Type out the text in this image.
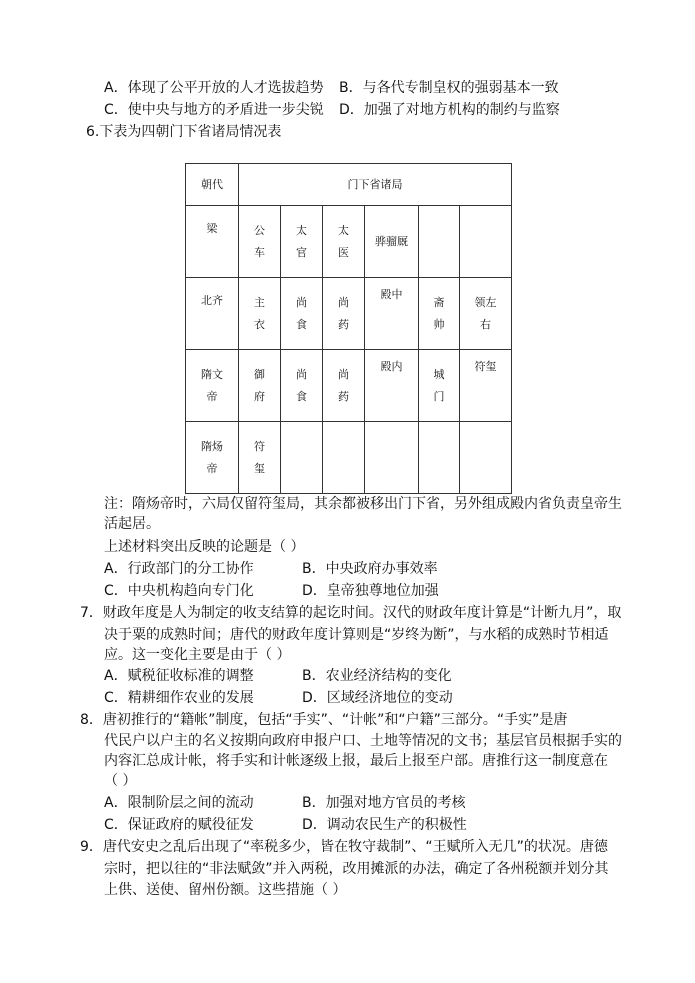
A．体现了公平开放的人才选拔趋势 B．与各代专制皇权的强弱基本一致
C．使中央与地方的矛盾进一步尖锐 D．加强了对地方机构的制约与监察
6.下表为四朝门下省诸局情况表
朝代	门下省诸局					
梁	公车	太官	太医	骅骝厩		
北齐	主衣	尚食	尚药	殿中	斋帅	领左右
隋文帝	御府	尚食	尚药	殿内	城门	符玺
隋炀帝	符玺					
注：隋炀帝时，六局仅留符玺局，其余都被移出门下省，另外组成殿内省负责皇帝生
活起居。
上述材料突出反映的论题是（ ）
A．行政部门的分工协作	B．中央政府办事效率
C．中央机构趋向专门化	D．皇帝独尊地位加强
7．财政年度是人为制定的收支结算的起讫时间。汉代的财政年度计算是“计断九月”，取
决于粟的成熟时间；唐代的财政年度计算则是“岁终为断”，与水稻的成熟时节相适
应。这一变化主要是由于（ ）
A．赋税征收标准的调整	B．农业经济结构的变化
C．精耕细作农业的发展	D．区域经济地位的变动
8．唐初推行的“籍帐”制度，包括“手实”、“计帐”和“户籍”三部分。“手实”是唐
代民户以户主的名义按期向政府申报户口、土地等情况的文书；基层官员根据手实的
内容汇总成计帐，将手实和计帐逐级上报，最后上报至户部。唐推行这一制度意在
（ ）
A．限制阶层之间的流动	B．加强对地方官员的考核
C．保证政府的赋役征发	D．调动农民生产的积极性
9．唐代安史之乱后出现了“率税多少，皆在牧守裁制”、“王赋所入无几”的状况。唐德
宗时，把以往的“非法赋敛”并入两税，改用摊派的办法，确定了各州税额并划分其
上供、送使、留州份额。这些措施（ ）
